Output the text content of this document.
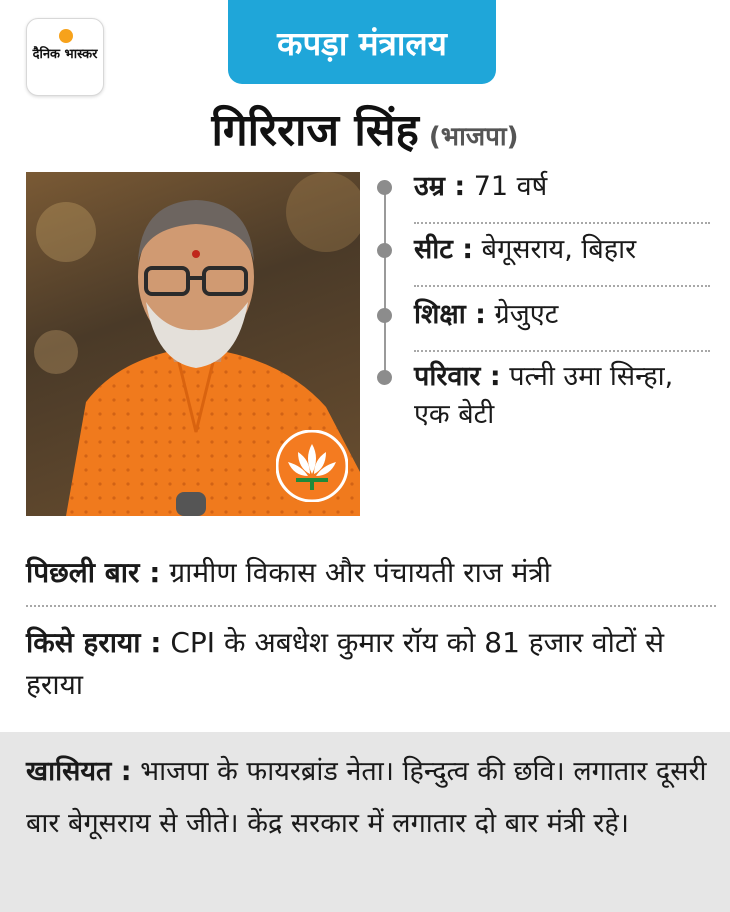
दैनिक भास्कर	कपड़ा मंत्रालय
गिरिराज सिंह (भाजपा)
उम्र : 71 वर्ष
सीट : बेगूसराय, बिहार
शिक्षा : ग्रेजुएट
परिवार : पत्नी उमा सिन्हा, एक बेटी
पिछली बार : ग्रामीण विकास और पंचायती राज मंत्री
किसे हराया : CPI के अबधेश कुमार रॉय को 81 हजार वोटों से हराया
खासियत : भाजपा के फायरब्रांड नेता। हिन्दुत्व की छवि। लगातार दूसरी बार बेगूसराय से जीते। केंद्र सरकार में लगातार दो बार मंत्री रहे।
